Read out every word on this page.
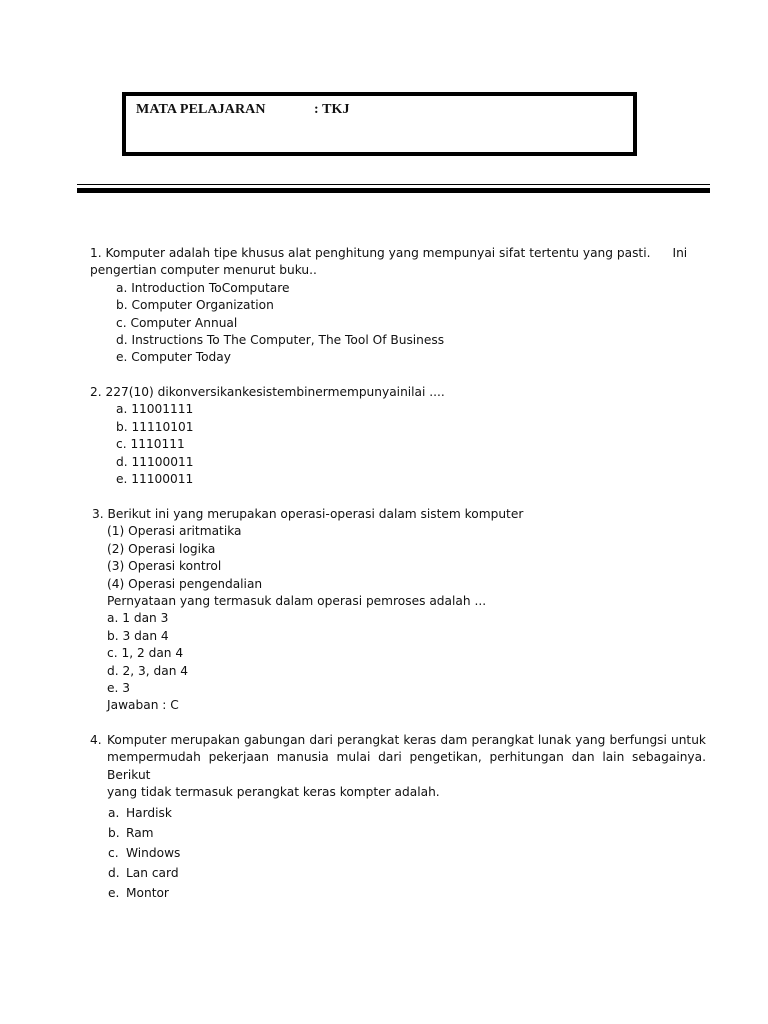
MATA PELAJARAN	: TKJ
1. Komputer adalah tipe khusus alat penghitung yang mempunyai sifat tertentu yang pasti. Ini
pengertian computer menurut buku..
a. Introduction ToComputare
b. Computer Organization
c. Computer Annual
d. Instructions To The Computer, The Tool Of Business
e. Computer Today
2. 227(10) dikonversikankesistembinermempunyainilai ....
a. 11001111
b. 11110101
c. 1110111
d. 11100011
e. 11100011
3. Berikut ini yang merupakan operasi-operasi dalam sistem komputer
(1) Operasi aritmatika
(2) Operasi logika
(3) Operasi kontrol
(4) Operasi pengendalian
Pernyataan yang termasuk dalam operasi pemroses adalah ...
a. 1 dan 3
b. 3 dan 4
c. 1, 2 dan 4
d. 2, 3, dan 4
e. 3
Jawaban : C
4. Komputer merupakan gabungan dari perangkat keras dam perangkat lunak yang berfungsi untuk
mempermudah pekerjaan manusia mulai dari pengetikan, perhitungan dan lain sebagainya. Berikut
yang tidak termasuk perangkat keras kompter adalah.
a. Hardisk
b. Ram
c. Windows
d. Lan card
e. Montor
